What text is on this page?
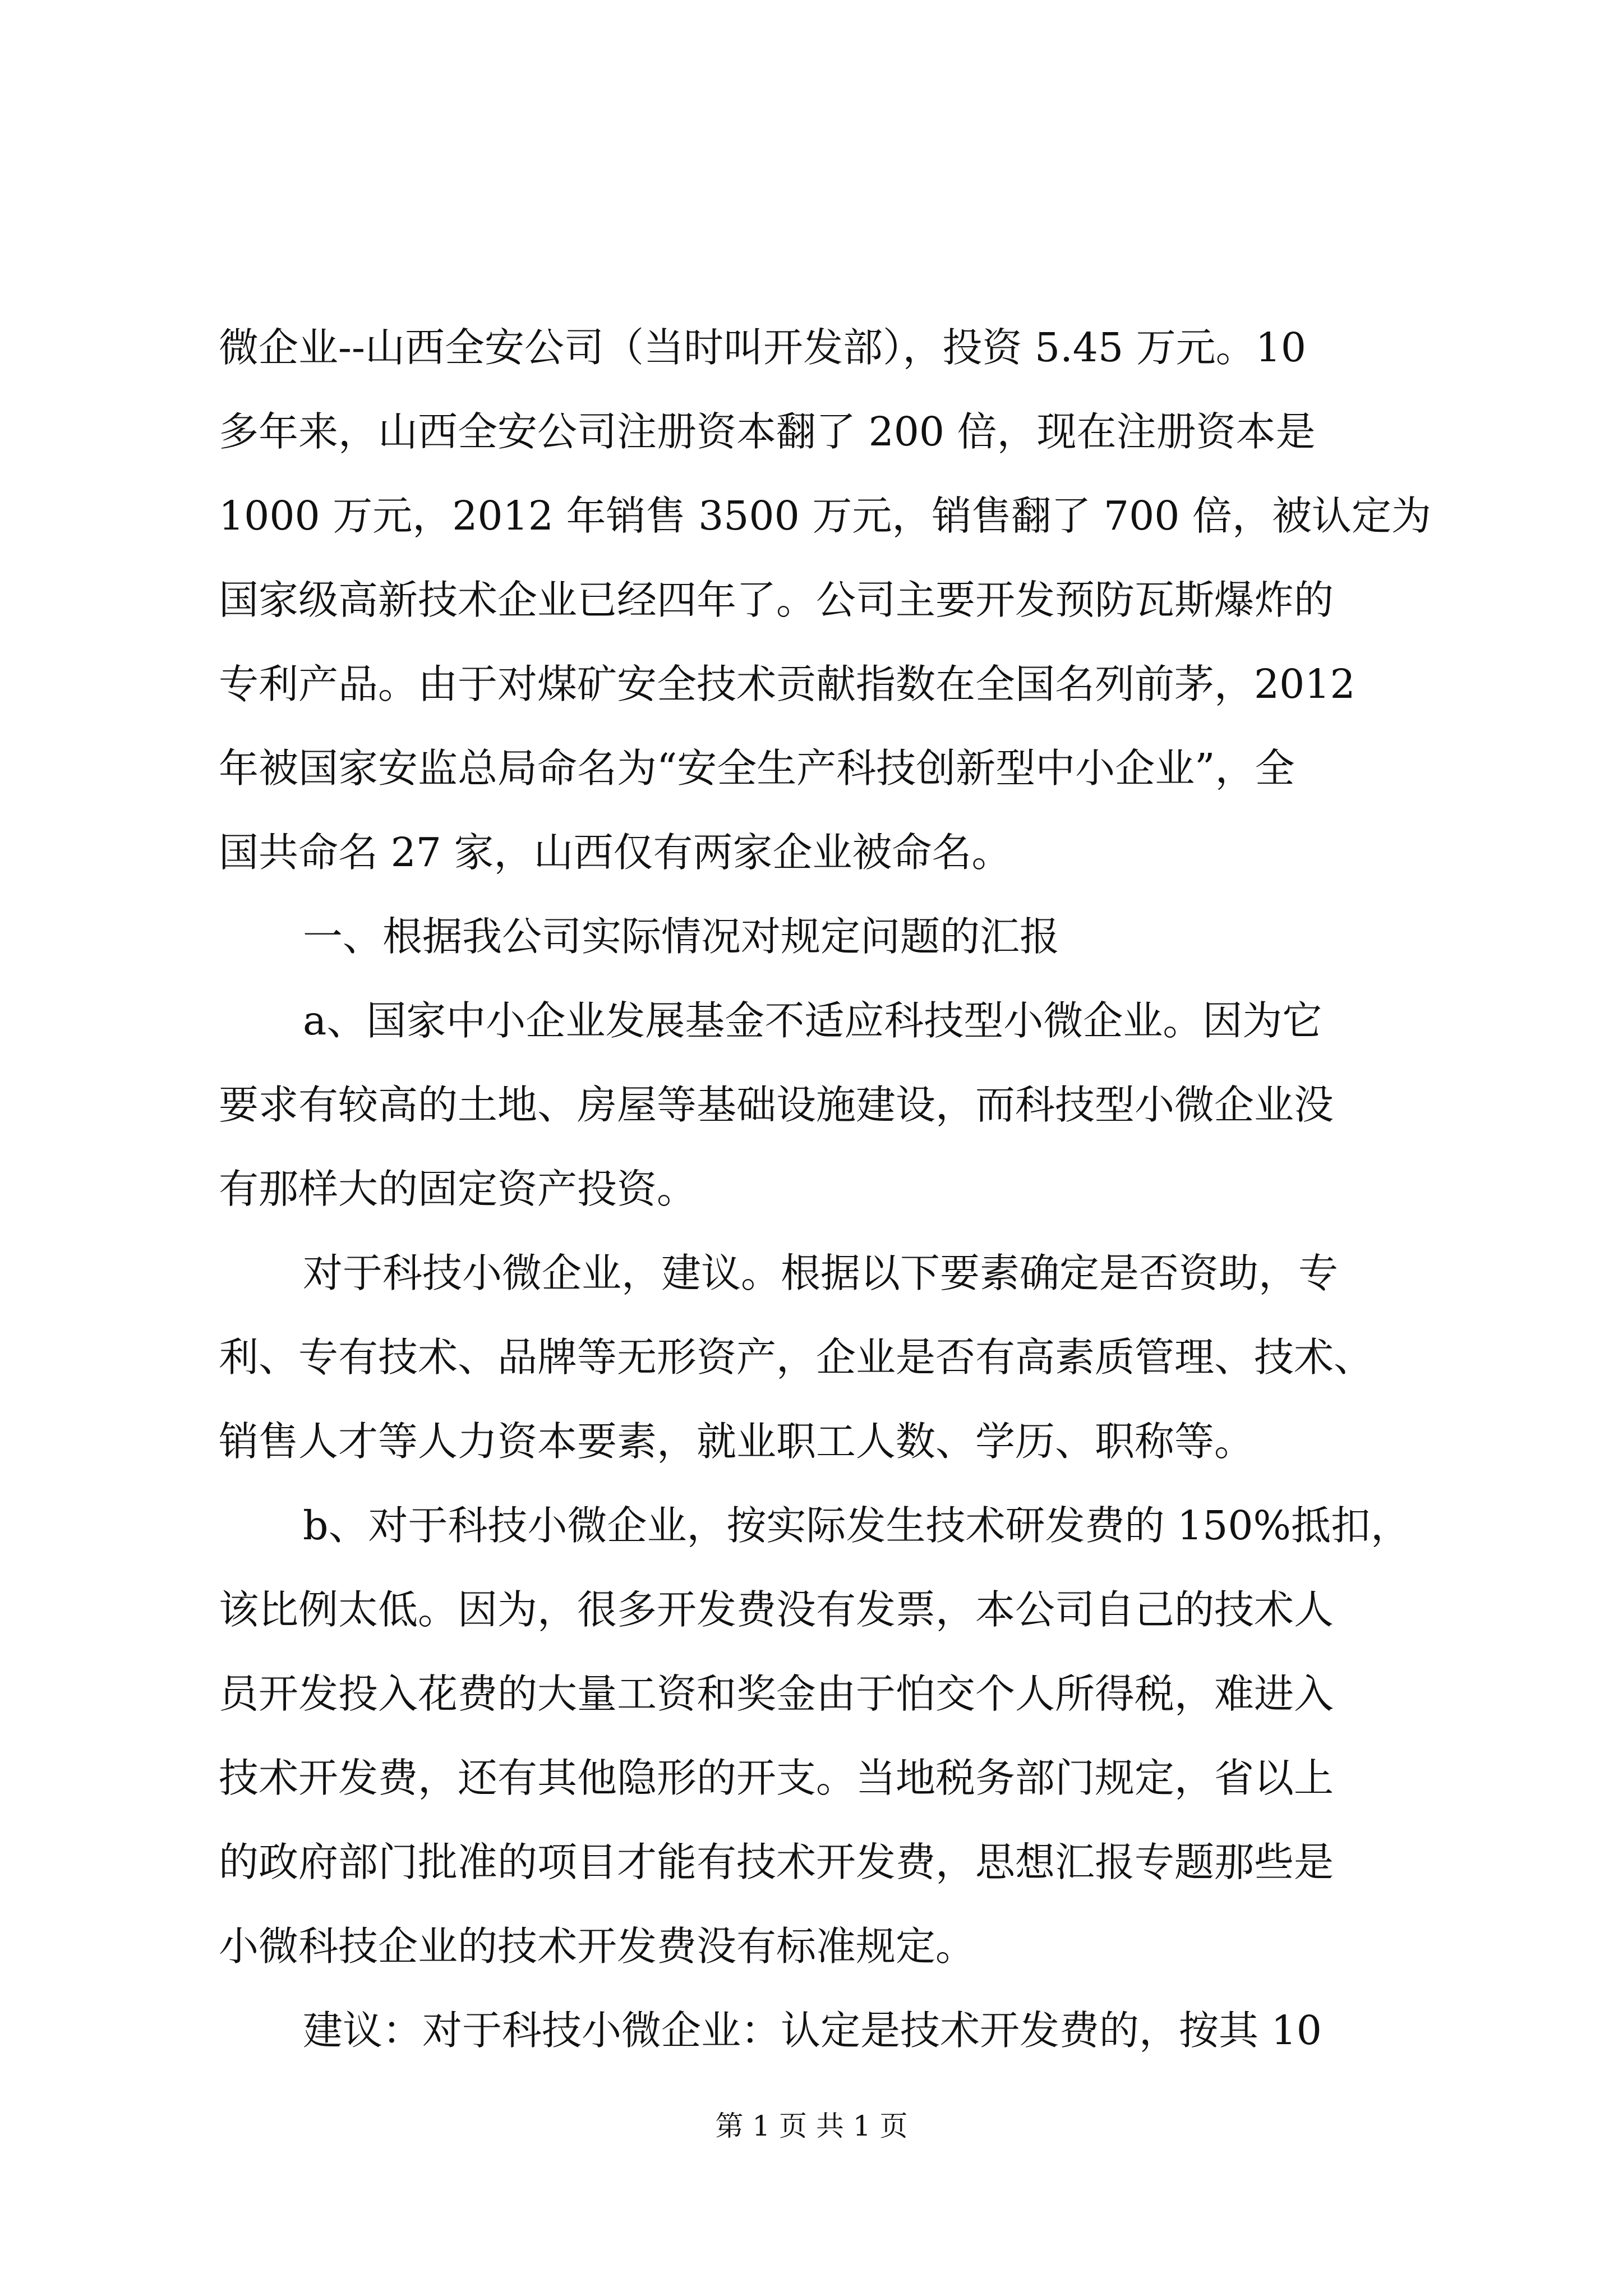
微企业--山西全安公司（当时叫开发部），投资 5.45 万元。10
多年来，山西全安公司注册资本翻了 200 倍，现在注册资本是
1000 万元，2012 年销售 3500 万元，销售翻了 700 倍，被认定为
国家级高新技术企业已经四年了。公司主要开发预防瓦斯爆炸的
专利产品。由于对煤矿安全技术贡献指数在全国名列前茅，2012
年被国家安监总局命名为“安全生产科技创新型中小企业”，全
国共命名 27 家，山西仅有两家企业被命名。
一、根据我公司实际情况对规定问题的汇报
a、国家中小企业发展基金不适应科技型小微企业。因为它
要求有较高的土地、房屋等基础设施建设，而科技型小微企业没
有那样大的固定资产投资。
对于科技小微企业，建议。根据以下要素确定是否资助，专
利、专有技术、品牌等无形资产，企业是否有高素质管理、技术、
销售人才等人力资本要素，就业职工人数、学历、职称等。
b、对于科技小微企业，按实际发生技术研发费的 150%抵扣，
该比例太低。因为，很多开发费没有发票，本公司自己的技术人
员开发投入花费的大量工资和奖金由于怕交个人所得税，难进入
技术开发费，还有其他隐形的开支。当地税务部门规定，省以上
的政府部门批准的项目才能有技术开发费，思想汇报专题那些是
小微科技企业的技术开发费没有标准规定。
建议：对于科技小微企业：认定是技术开发费的，按其 10
第 1 页 共 1 页
